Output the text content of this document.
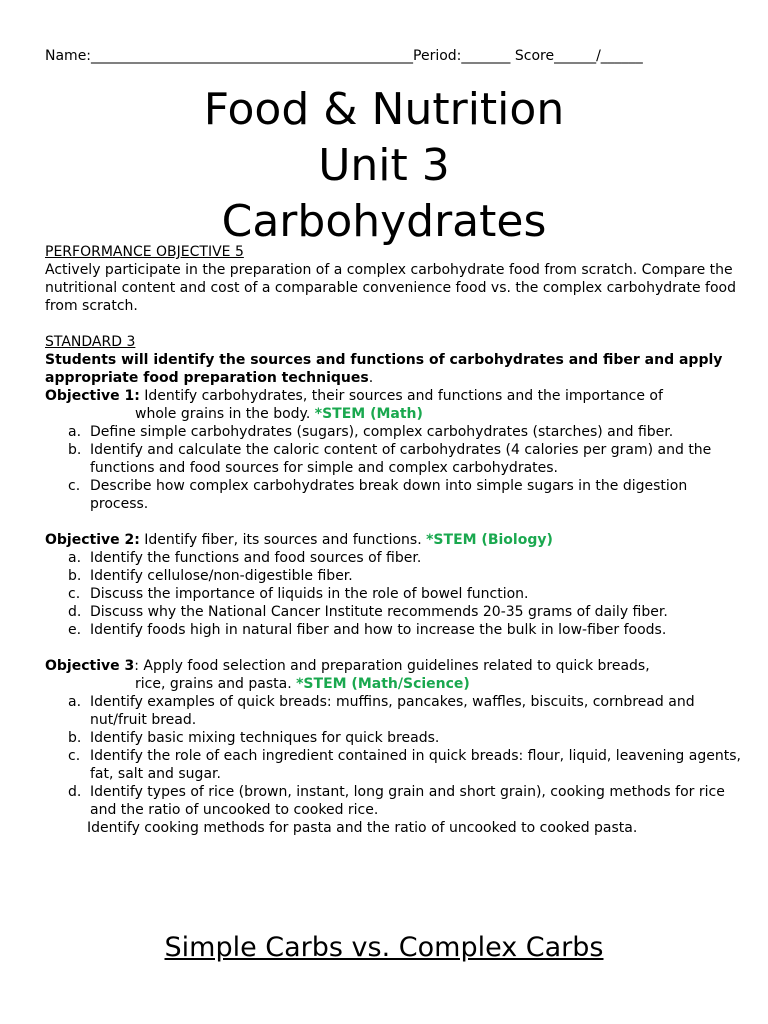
Name:______________________________________________Period:_______ Score______/______
Food & Nutrition
Unit 3
Carbohydrates
PERFORMANCE OBJECTIVE 5
Actively participate in the preparation of a complex carbohydrate food from scratch. Compare the nutritional content and cost of a comparable convenience food vs. the complex carbohydrate food from scratch.
STANDARD 3
Students will identify the sources and functions of carbohydrates and fiber and apply appropriate food preparation techniques.
Objective 1: Identify carbohydrates, their sources and functions and the importance of
whole grains in the body. *STEM (Math)
a. Define simple carbohydrates (sugars), complex carbohydrates (starches) and fiber.
b. Identify and calculate the caloric content of carbohydrates (4 calories per gram) and the functions and food sources for simple and complex carbohydrates.
c. Describe how complex carbohydrates break down into simple sugars in the digestion process.
Objective 2: Identify fiber, its sources and functions. *STEM (Biology)
a. Identify the functions and food sources of fiber.
b. Identify cellulose/non-digestible fiber.
c. Discuss the importance of liquids in the role of bowel function.
d. Discuss why the National Cancer Institute recommends 20-35 grams of daily fiber.
e. Identify foods high in natural fiber and how to increase the bulk in low-fiber foods.
Objective 3: Apply food selection and preparation guidelines related to quick breads,
rice, grains and pasta. *STEM (Math/Science)
a. Identify examples of quick breads: muffins, pancakes, waffles, biscuits, cornbread and nut/fruit bread.
b. Identify basic mixing techniques for quick breads.
c. Identify the role of each ingredient contained in quick breads: flour, liquid, leavening agents, fat, salt and sugar.
d. Identify types of rice (brown, instant, long grain and short grain), cooking methods for rice and the ratio of uncooked to cooked rice.
Identify cooking methods for pasta and the ratio of uncooked to cooked pasta.
Simple Carbs vs. Complex Carbs
